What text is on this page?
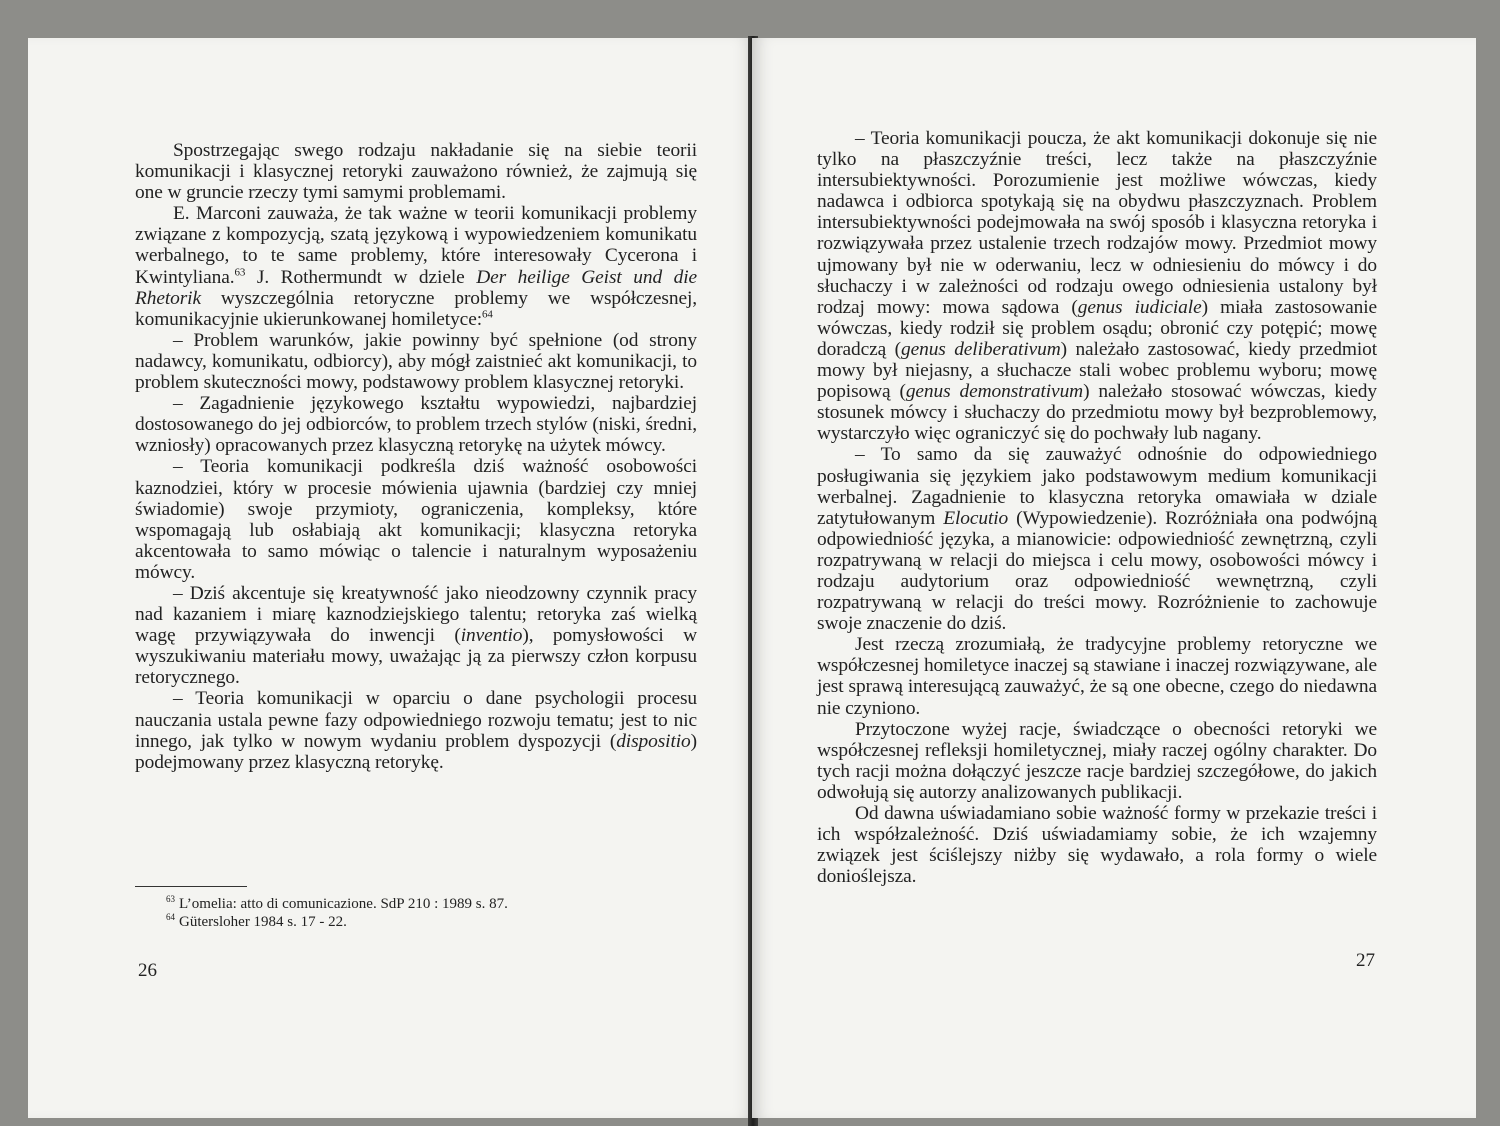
Spostrzegając swego rodzaju nakładanie się na siebie teorii komunikacji i klasycznej retoryki zauważono również, że zajmują się one w gruncie rzeczy tymi samymi problemami.

E. Marconi zauważa, że tak ważne w teorii komunikacji problemy związane z kompozycją, szatą językową i wypowiedzeniem komunikatu werbalnego, to te same problemy, które interesowały Cycerona i Kwintyliana.$^{63}$ J. Rothermundt w dziele Der heilige Geist und die Rhetorik wyszczególnia retoryczne problemy we współczesnej, komunikacyjnie ukierunkowanej homiletyce:$^{64}$

– Problem warunków, jakie powinny być spełnione (od strony nadawcy, komunikatu, odbiorcy), aby mógł zaistnieć akt komunikacji, to problem skuteczności mowy, podstawowy problem klasycznej retoryki.

– Zagadnienie językowego kształtu wypowiedzi, najbardziej dostosowanego do jej odbiorców, to problem trzech stylów (niski, średni, wzniosły) opracowanych przez klasyczną retorykę na użytek mówcy.

– Teoria komunikacji podkreśla dziś ważność osobowości kaznodziei, który w procesie mówienia ujawnia (bardziej czy mniej świadomie) swoje przymioty, ograniczenia, kompleksy, które wspomagają lub osłabiają akt komunikacji; klasyczna retoryka akcentowała to samo mówiąc o talencie i naturalnym wyposażeniu mówcy.

– Dziś akcentuje się kreatywność jako nieodzowny czynnik pracy nad kazaniem i miarę kaznodziejskiego talentu; retoryka zaś wielką wagę przywiązywała do inwencji (inventio), pomysłowości w wyszukiwaniu materiału mowy, uważając ją za pierwszy człon korpusu retorycznego.

– Teoria komunikacji w oparciu o dane psychologii procesu nauczania ustala pewne fazy odpowiedniego rozwoju tematu; jest to nic innego, jak tylko w nowym wydaniu problem dyspozycji (dispositio) podejmowany przez klasyczną retorykę.

$^{63}$ L’omelia: atto di comunicazione. SdP 210 : 1989 s. 87.
$^{64}$ Gütersloher 1984 s. 17 - 22.
26

– Teoria komunikacji poucza, że akt komunikacji dokonuje się nie tylko na płaszczyźnie treści, lecz także na płaszczyźnie intersubiektywności. Porozumienie jest możliwe wówczas, kiedy nadawca i odbiorca spotykają się na obydwu płaszczyznach. Problem intersubiektywności podejmowała na swój sposób i klasyczna retoryka i rozwiązywała przez ustalenie trzech rodzajów mowy. Przedmiot mowy ujmowany był nie w oderwaniu, lecz w odniesieniu do mówcy i do słuchaczy i w zależności od rodzaju owego odniesienia ustalony był rodzaj mowy: mowa sądowa (genus iudiciale) miała zastosowanie wówczas, kiedy rodził się problem osądu; obronić czy potępić; mowę doradczą (genus deliberativum) należało zastosować, kiedy przedmiot mowy był niejasny, a słuchacze stali wobec problemu wyboru; mowę popisową (genus demonstrativum) należało stosować wówczas, kiedy stosunek mówcy i słuchaczy do przedmiotu mowy był bezproblemowy, wystarczyło więc ograniczyć się do pochwały lub nagany.

– To samo da się zauważyć odnośnie do odpowiedniego posługiwania się językiem jako podstawowym medium komunikacji werbalnej. Zagadnienie to klasyczna retoryka omawiała w dziale zatytułowanym Elocutio (Wypowiedzenie). Rozróżniała ona podwójną odpowiedniość języka, a mianowicie: odpowiedniość zewnętrzną, czyli rozpatrywaną w relacji do miejsca i celu mowy, osobowości mówcy i rodzaju audytorium oraz odpowiedniość wewnętrzną, czyli rozpatrywaną w relacji do treści mowy. Rozróżnienie to zachowuje swoje znaczenie do dziś.

Jest rzeczą zrozumiałą, że tradycyjne problemy retoryczne we współczesnej homiletyce inaczej są stawiane i inaczej rozwiązywane, ale jest sprawą interesującą zauważyć, że są one obecne, czego do niedawna nie czyniono.

Przytoczone wyżej racje, świadczące o obecności retoryki we współczesnej refleksji homiletycznej, miały raczej ogólny charakter. Do tych racji można dołączyć jeszcze racje bardziej szczegółowe, do jakich odwołują się autorzy analizowanych publikacji.

Od dawna uświadamiano sobie ważność formy w przekazie treści i ich współzależność. Dziś uświadamiamy sobie, że ich wzajemny związek jest ściślejszy niżby się wydawało, a rola formy o wiele donioślejsza.

27
